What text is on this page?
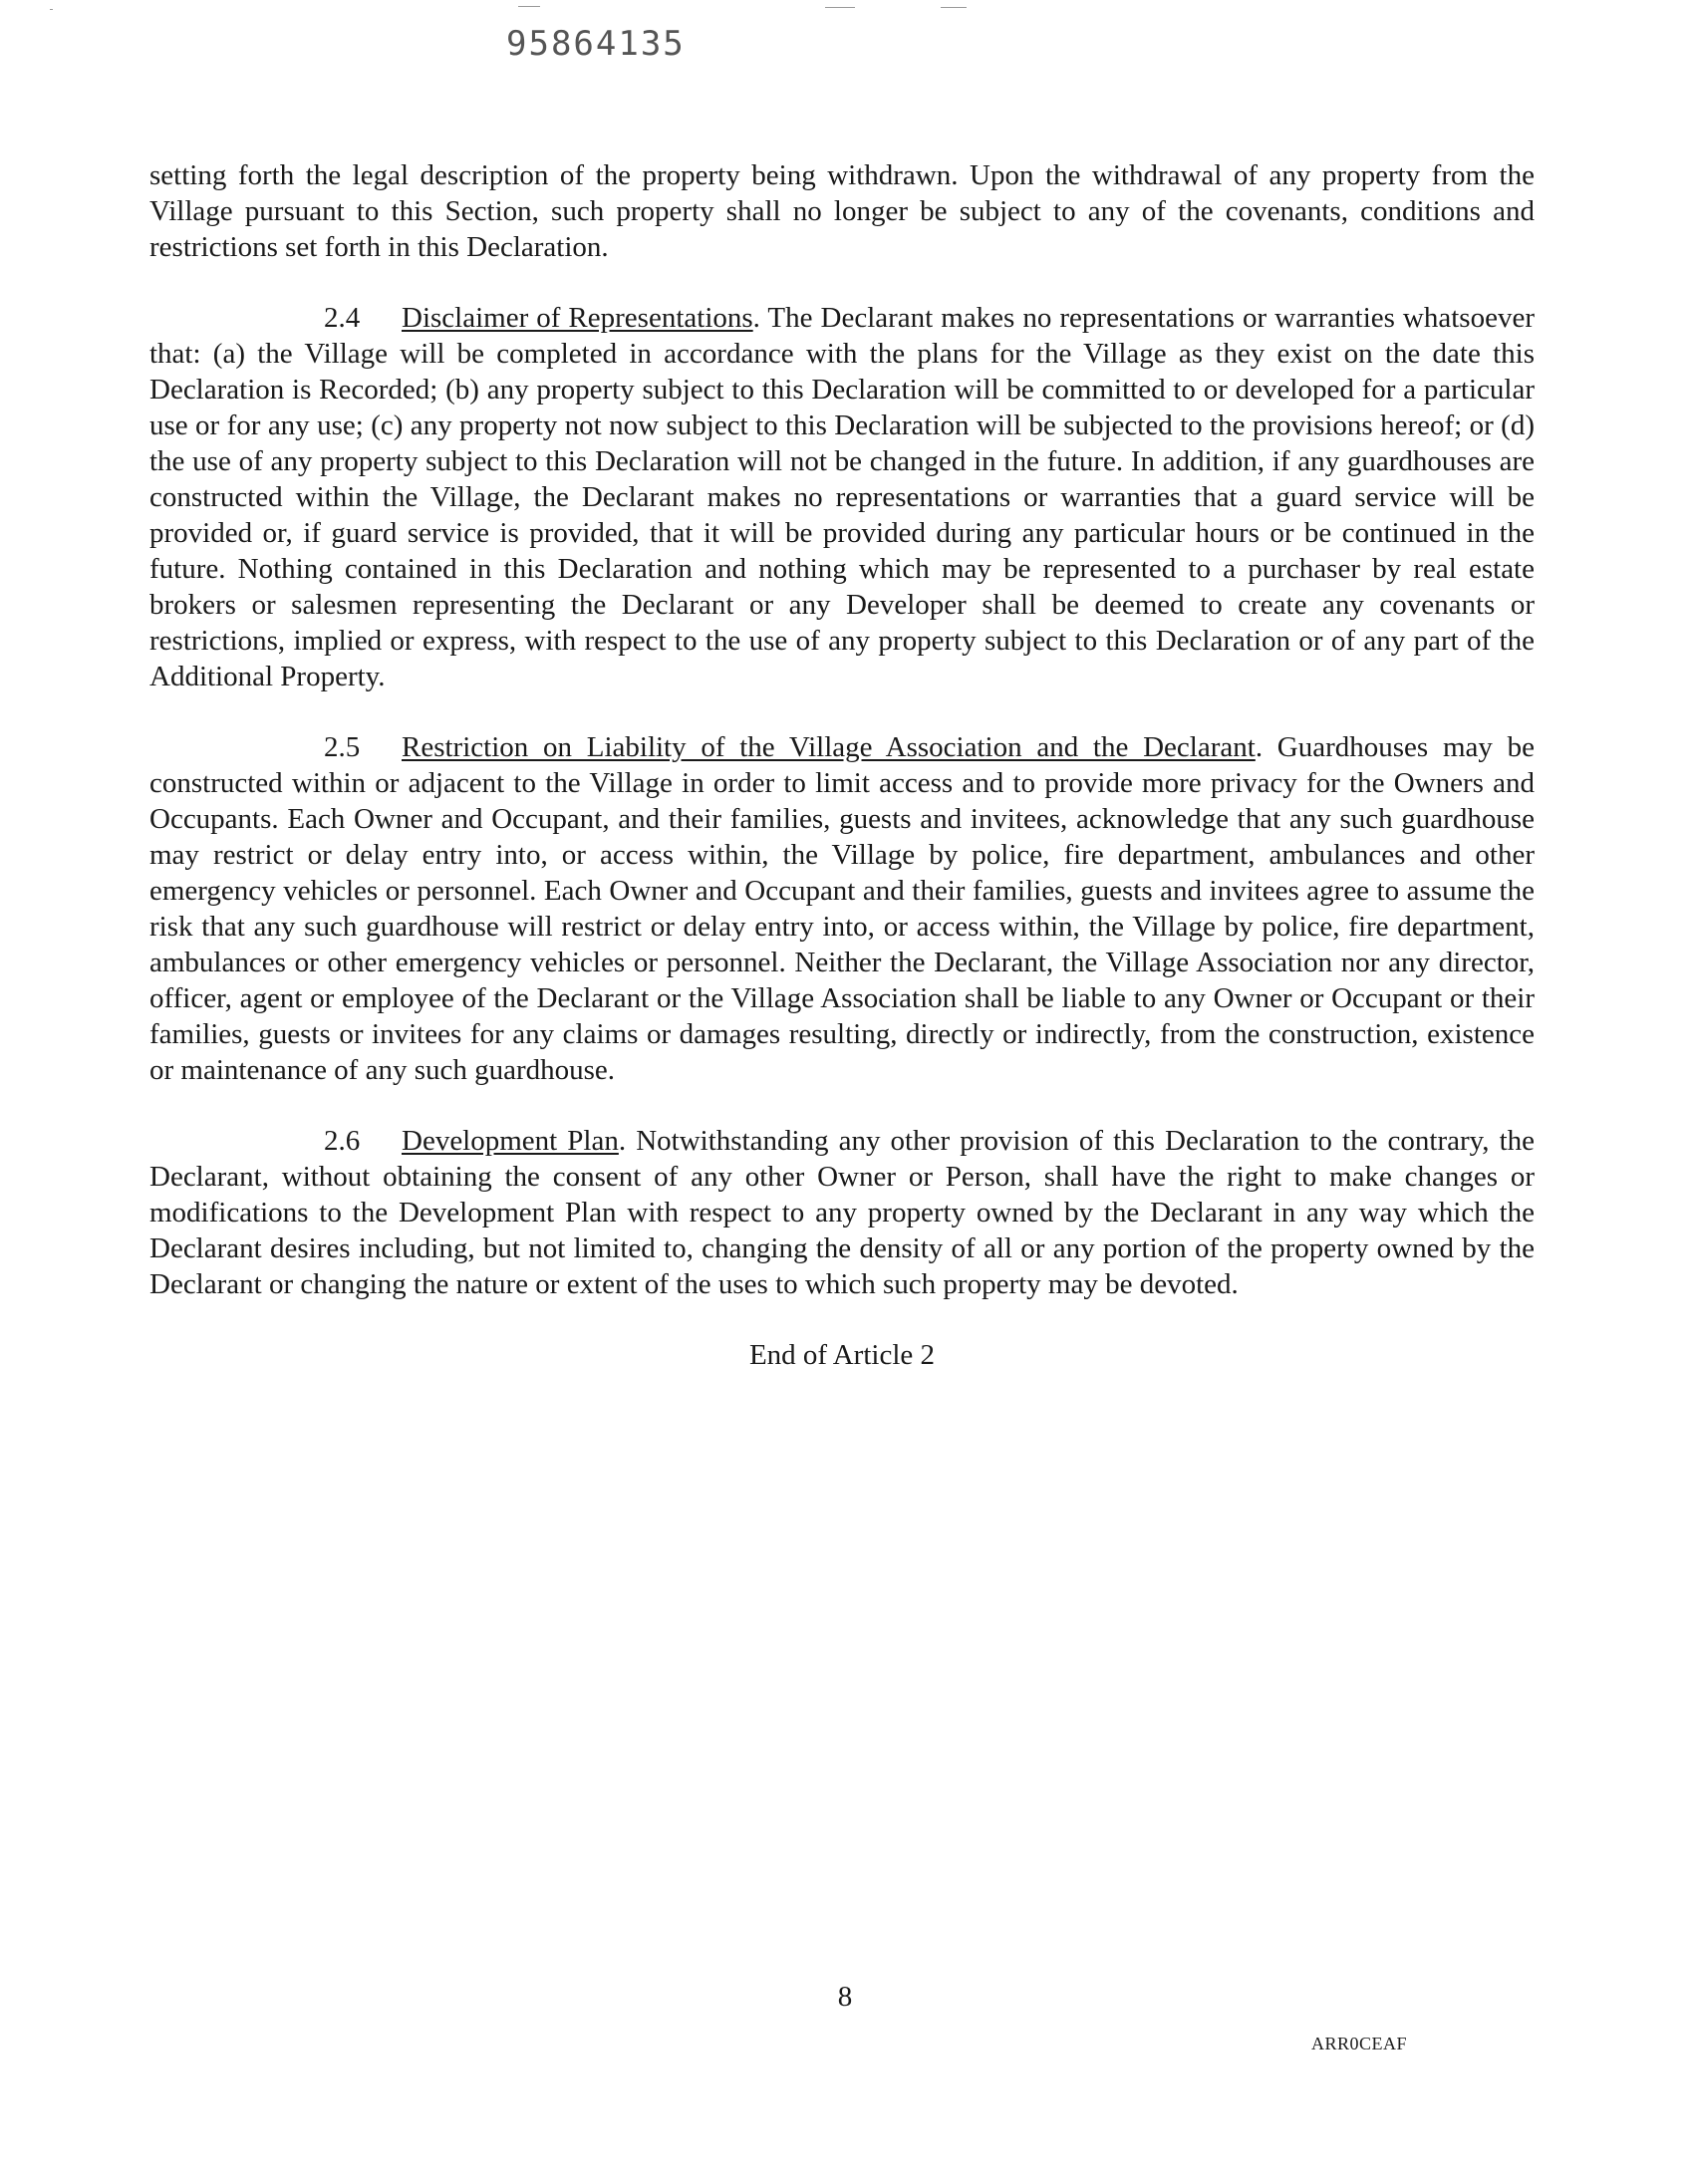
95864135

setting forth the legal description of the property being withdrawn. Upon the withdrawal of any property from the Village pursuant to this Section, such property shall no longer be subject to any of the covenants, conditions and restrictions set forth in this Declaration.

2.4 Disclaimer of Representations. The Declarant makes no representations or warranties whatsoever that: (a) the Village will be completed in accordance with the plans for the Village as they exist on the date this Declaration is Recorded; (b) any property subject to this Declaration will be committed to or developed for a particular use or for any use; (c) any property not now subject to this Declaration will be subjected to the provisions hereof; or (d) the use of any property subject to this Declaration will not be changed in the future. In addition, if any guardhouses are constructed within the Village, the Declarant makes no representations or warranties that a guard service will be provided or, if guard service is provided, that it will be provided during any particular hours or be continued in the future. Nothing contained in this Declaration and nothing which may be represented to a purchaser by real estate brokers or salesmen representing the Declarant or any Developer shall be deemed to create any covenants or restrictions, implied or express, with respect to the use of any property subject to this Declaration or of any part of the Additional Property.

2.5 Restriction on Liability of the Village Association and the Declarant. Guardhouses may be constructed within or adjacent to the Village in order to limit access and to provide more privacy for the Owners and Occupants. Each Owner and Occupant, and their families, guests and invitees, acknowledge that any such guardhouse may restrict or delay entry into, or access within, the Village by police, fire department, ambulances and other emergency vehicles or personnel. Each Owner and Occupant and their families, guests and invitees agree to assume the risk that any such guardhouse will restrict or delay entry into, or access within, the Village by police, fire department, ambulances or other emergency vehicles or personnel. Neither the Declarant, the Village Association nor any director, officer, agent or employee of the Declarant or the Village Association shall be liable to any Owner or Occupant or their families, guests or invitees for any claims or damages resulting, directly or indirectly, from the construction, existence or maintenance of any such guardhouse.

2.6 Development Plan. Notwithstanding any other provision of this Declaration to the contrary, the Declarant, without obtaining the consent of any other Owner or Person, shall have the right to make changes or modifications to the Development Plan with respect to any property owned by the Declarant in any way which the Declarant desires including, but not limited to, changing the density of all or any portion of the property owned by the Declarant or changing the nature or extent of the uses to which such property may be devoted.

End of Article 2

8
ARR0CEAF
